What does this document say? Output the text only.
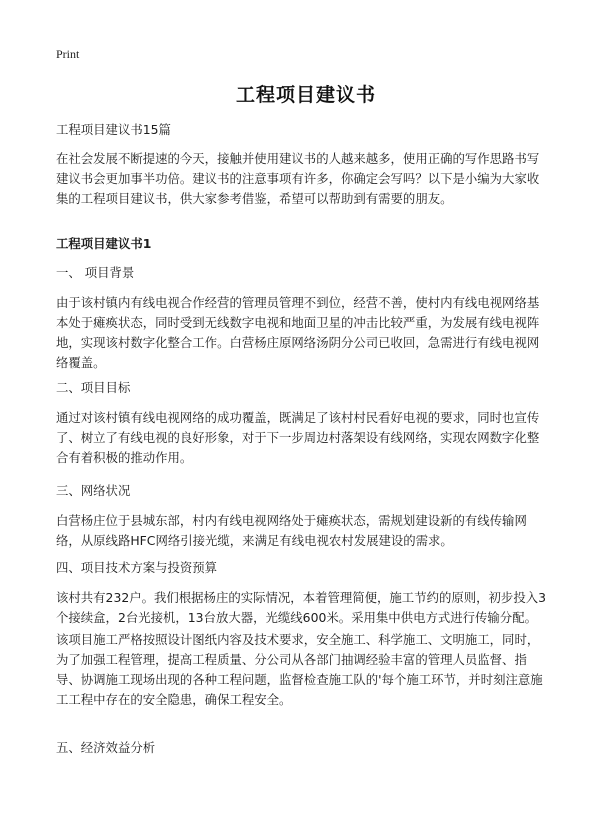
Print
工程项目建议书
工程项目建议书15篇
在社会发展不断提速的今天，接触并使用建议书的人越来越多，使用正确的写作思路书写建议书会更加事半功倍。建议书的注意事项有许多，你确定会写吗？以下是小编为大家收集的工程项目建议书，供大家参考借鉴，希望可以帮助到有需要的朋友。
工程项目建议书1
一、 项目背景
由于该村镇内有线电视合作经营的管理员管理不到位，经营不善，使村内有线电视网络基本处于瘫痪状态，同时受到无线数字电视和地面卫星的冲击比较严重，为发展有线电视阵地，实现该村数字化整合工作。白营杨庄原网络汤阴分公司已收回，急需进行有线电视网络覆盖。
二、项目目标
通过对该村镇有线电视网络的成功覆盖，既满足了该村村民看好电视的要求，同时也宣传了、树立了有线电视的良好形象，对于下一步周边村落架设有线网络，实现农网数字化整合有着积极的推动作用。
三、网络状况
白营杨庄位于县城东部，村内有线电视网络处于瘫痪状态，需规划建设新的有线传输网络，从原线路HFC网络引接光缆，来满足有线电视农村发展建设的需求。
四、项目技术方案与投资预算
该村共有232户。我们根据杨庄的实际情况，本着管理简便，施工节约的原则，初步投入3个接续盒，2台光接机，13台放大器，光缆线600米。采用集中供电方式进行传输分配。
该项目施工严格按照设计图纸内容及技术要求，安全施工、科学施工、文明施工，同时，为了加强工程管理，提高工程质量、分公司从各部门抽调经验丰富的管理人员监督、指导、协调施工现场出现的各种工程问题，监督检查施工队的'每个施工环节，并时刻注意施工工程中存在的安全隐患，确保工程安全。
五、经济效益分析
